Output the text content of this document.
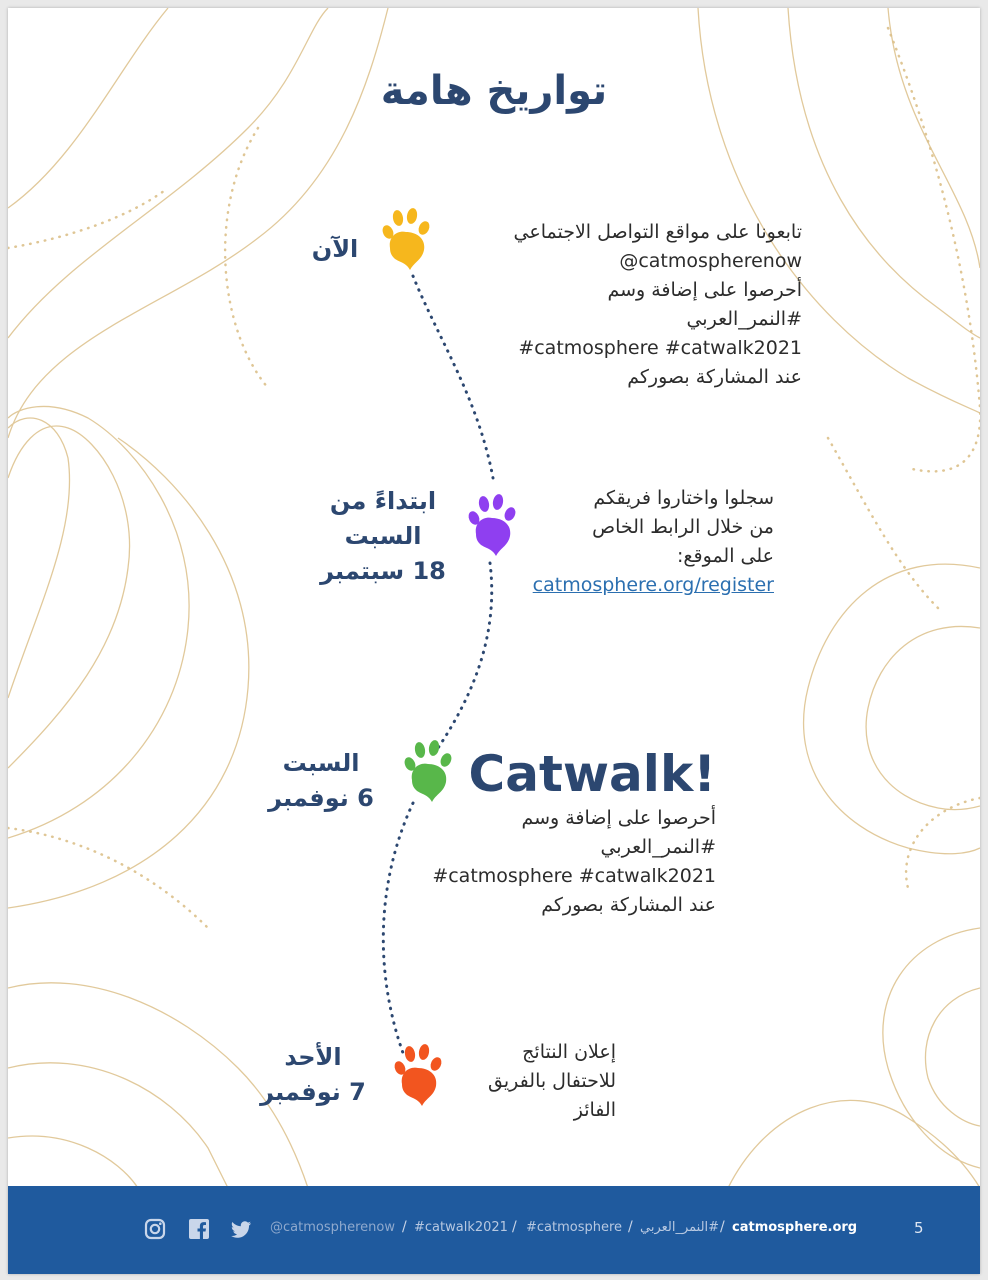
تواريخ هامة
الآن
تابعونا على مواقع التواصل الاجتماعي
@catmospherenow
أحرصوا على إضافة وسم
#النمر_العربي
#catmosphere #catwalk2021
عند المشاركة بصوركم
ابتداءً من
السبت
18 سبتمبر
سجلوا واختاروا فريقكم
من خلال الرابط الخاص
على الموقع:
catmosphere.org/register
السبت
6 نوفمبر	Catwalk!
أحرصوا على إضافة وسم
#النمر_العربي
#catmosphere #catwalk2021
عند المشاركة بصوركم
الأحد
7 نوفمبر
إعلان النتائج
للاحتفال بالفريق
الفائز
@catmospherenow / #catwalk2021 / #catmosphere / #النمر_العربي / catmosphere.org	5
